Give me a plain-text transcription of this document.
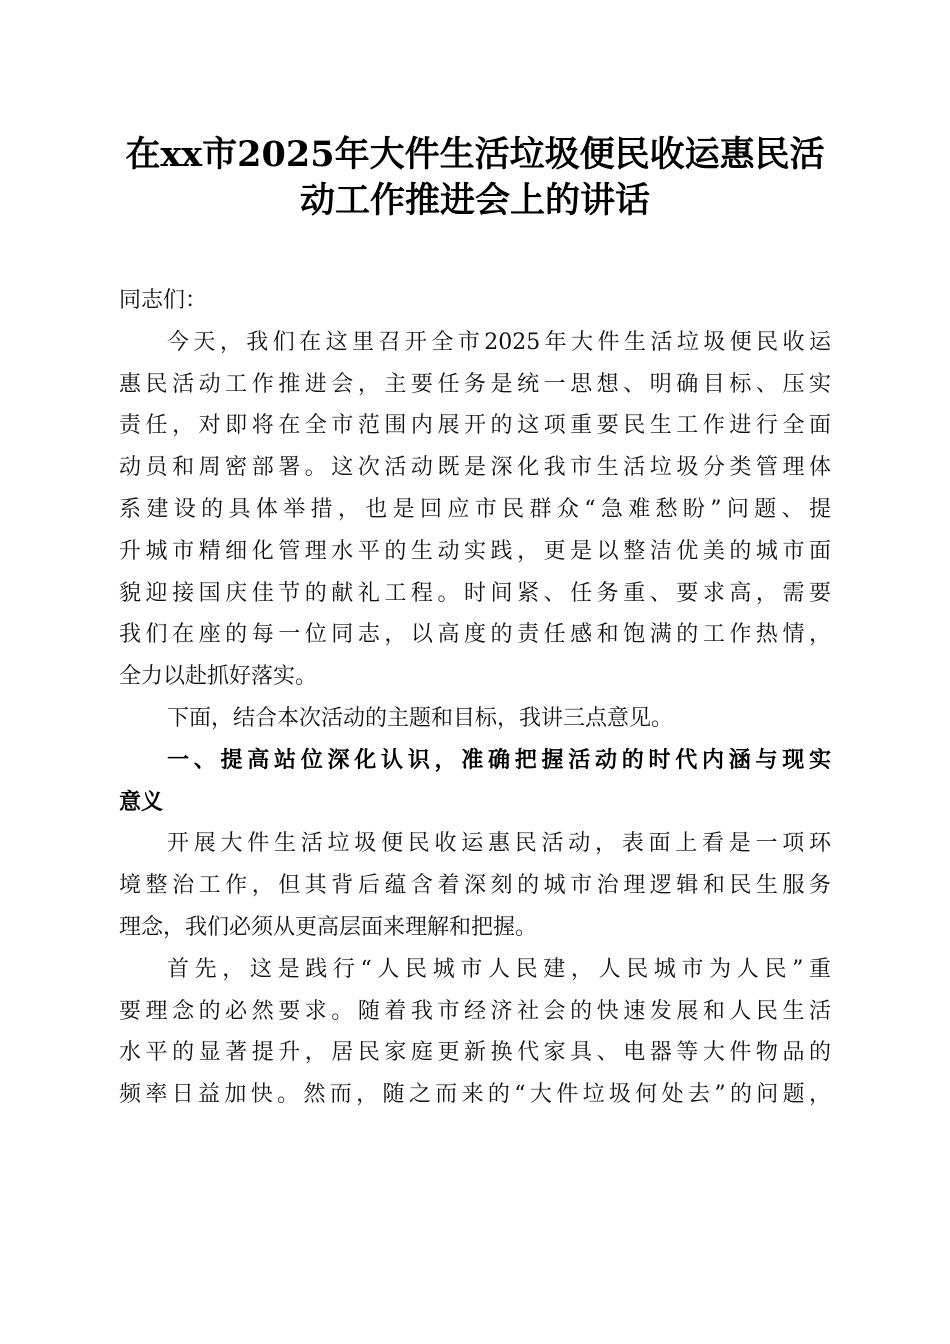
在xx市2025年大件生活垃圾便民收运惠民活
动工作推进会上的讲话
同志们：
今天，我们在这里召开全市2025年大件生活垃圾便民收运
惠民活动工作推进会，主要任务是统一思想、明确目标、压实
责任，对即将在全市范围内展开的这项重要民生工作进行全面
动员和周密部署。这次活动既是深化我市生活垃圾分类管理体
系建设的具体举措，也是回应市民群众“急难愁盼”问题、提
升城市精细化管理水平的生动实践，更是以整洁优美的城市面
貌迎接国庆佳节的献礼工程。时间紧、任务重、要求高，需要
我们在座的每一位同志，以高度的责任感和饱满的工作热情，
全力以赴抓好落实。
下面，结合本次活动的主题和目标，我讲三点意见。
一、提高站位深化认识，准确把握活动的时代内涵与现实
意义
开展大件生活垃圾便民收运惠民活动，表面上看是一项环
境整治工作，但其背后蕴含着深刻的城市治理逻辑和民生服务
理念，我们必须从更高层面来理解和把握。
首先，这是践行“人民城市人民建，人民城市为人民”重
要理念的必然要求。随着我市经济社会的快速发展和人民生活
水平的显著提升，居民家庭更新换代家具、电器等大件物品的
频率日益加快。然而，随之而来的“大件垃圾何处去”的问题，
